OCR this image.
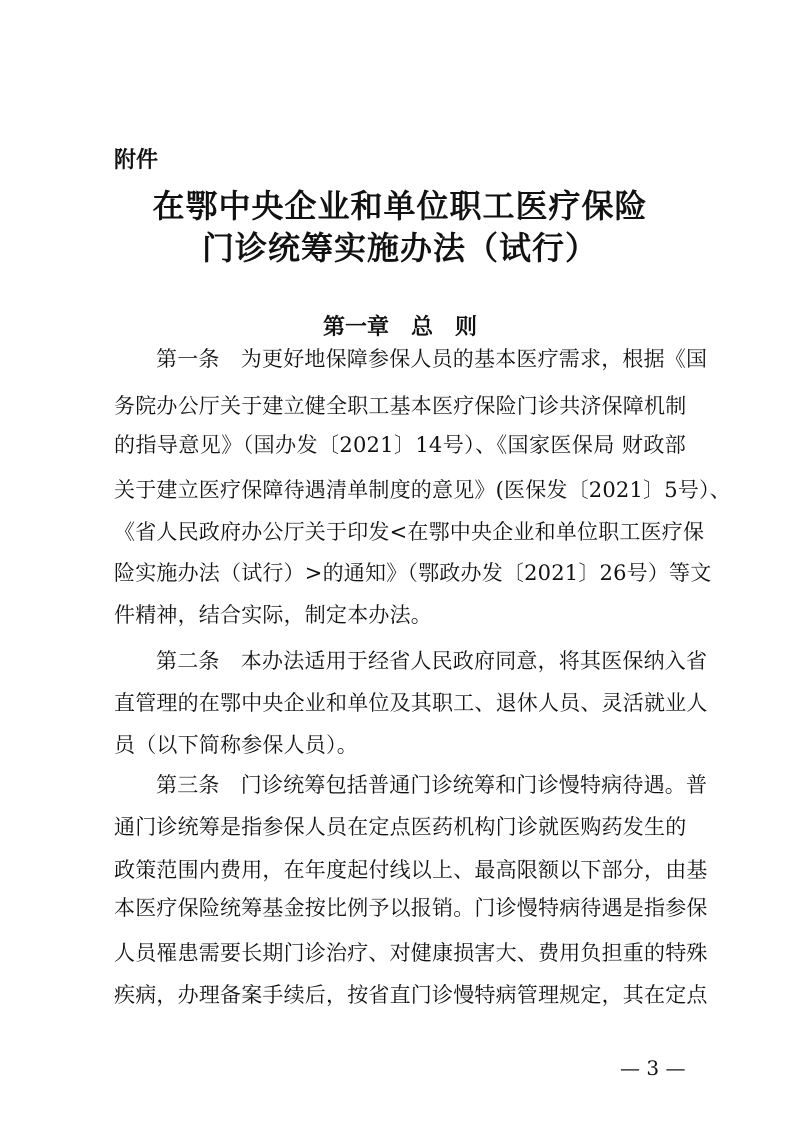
附件
在鄂中央企业和单位职工医疗保险
门诊统筹实施办法（试行）
第一章　总　则
第一条　为更好地保障参保人员的基本医疗需求，根据《国
务院办公厅关于建立健全职工基本医疗保险门诊共济保障机制
的指导意见》（国办发〔2021〕14号）、《国家医保局 财政部
关于建立医疗保障待遇清单制度的意见》(医保发〔2021〕5号）、
《省人民政府办公厅关于印发<在鄂中央企业和单位职工医疗保
险实施办法（试行）>的通知》（鄂政办发〔2021〕26号）等文
件精神，结合实际，制定本办法。
第二条　本办法适用于经省人民政府同意，将其医保纳入省
直管理的在鄂中央企业和单位及其职工、退休人员、灵活就业人
员（以下简称参保人员）。
第三条　门诊统筹包括普通门诊统筹和门诊慢特病待遇。普
通门诊统筹是指参保人员在定点医药机构门诊就医购药发生的
政策范围内费用，在年度起付线以上、最高限额以下部分，由基
本医疗保险统筹基金按比例予以报销。门诊慢特病待遇是指参保
人员罹患需要长期门诊治疗、对健康损害大、费用负担重的特殊
疾病，办理备案手续后，按省直门诊慢特病管理规定，其在定点
— 3 —
